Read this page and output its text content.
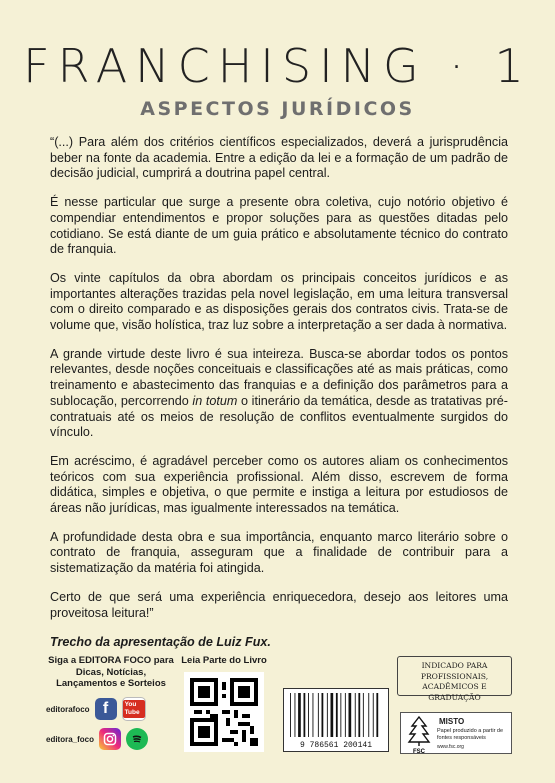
FRANCHISING · 1
ASPECTOS JURÍDICOS

“(...) Para além dos critérios científicos especializados, deverá a jurisprudência beber na fonte da academia. Entre a edição da lei e a formação de um padrão de decisão judicial, cumprirá a doutrina papel central.

É nesse particular que surge a presente obra coletiva, cujo notório objetivo é compendiar entendimentos e propor soluções para as questões ditadas pelo cotidiano. Se está diante de um guia prático e absolutamente técnico do contrato de franquia.

Os vinte capítulos da obra abordam os principais conceitos jurídicos e as importantes alterações trazidas pela novel legislação, em uma leitura transversal com o direito comparado e as disposições gerais dos contratos civis. Trata-se de volume que, visão holística, traz luz sobre a interpretação a ser dada à normativa.

A grande virtude deste livro é sua inteireza. Busca-se abordar todos os pontos relevantes, desde noções conceituais e classificações até as mais práticas, como treinamento e abastecimento das franquias e a definição dos parâmetros para a sublocação, percorrendo in totum o itinerário da temática, desde as tratativas pré-contratuais até os meios de resolução de conflitos eventualmente surgidos do vínculo.

Em acréscimo, é agradável perceber como os autores aliam os conhecimentos teóricos com sua experiência profissional. Além disso, escrevem de forma didática, simples e objetiva, o que permite e instiga a leitura por estudiosos de áreas não jurídicas, mas igualmente interessados na temática.

A profundidade desta obra e sua importância, enquanto marco literário sobre o contrato de franquia, asseguram que a finalidade de contribuir para a sistematização da matéria foi atingida.

Certo de que será uma experiência enriquecedora, desejo aos leitores uma proveitosa leitura!”

Trecho da apresentação de Luiz Fux.

Siga a EDITORA FOCO para Dicas, Notícias, Lançamentos e Sorteios
editorafoco f	You Tube
editora_foco
Leia Parte do Livro
9 786561 200141
INDICADO PARA PROFISSIONAIS, ACADÊMICOS E GRADUAÇÃO
FSC
MISTO
Papel produzido a partir de fontes responsáveis
www.fsc.org
